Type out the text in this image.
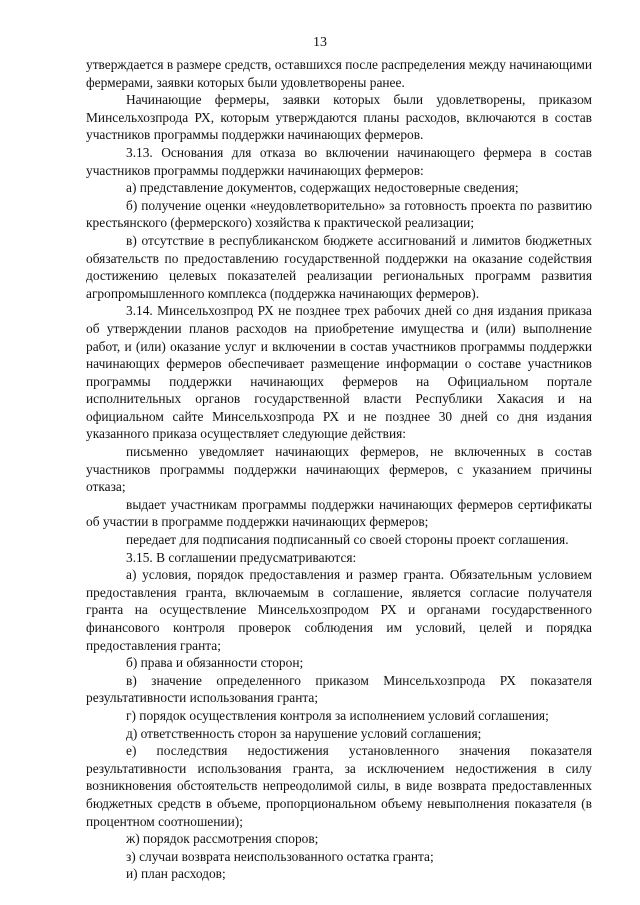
13

утверждается в размере средств, оставшихся после распределения между начинающими фермерами, заявки которых были удовлетворены ранее.

Начинающие фермеры, заявки которых были удовлетворены, приказом Минсельхозпрода РХ, которым утверждаются планы расходов, включаются в состав участников программы поддержки начинающих фермеров.

3.13. Основания для отказа во включении начинающего фермера в состав участников программы поддержки начинающих фермеров:

а) представление документов, содержащих недостоверные сведения;

б) получение оценки «неудовлетворительно» за готовность проекта по развитию крестьянского (фермерского) хозяйства к практической реализации;

в) отсутствие в республиканском бюджете ассигнований и лимитов бюджетных обязательств по предоставлению государственной поддержки на оказание содействия достижению целевых показателей реализации региональных программ развития агропромышленного комплекса (поддержка начинающих фермеров).

3.14. Минсельхозпрод РХ не позднее трех рабочих дней со дня издания приказа об утверждении планов расходов на приобретение имущества и (или) выполнение работ, и (или) оказание услуг и включении в состав участников программы поддержки начинающих фермеров обеспечивает размещение информации о составе участников программы поддержки начинающих фермеров на Официальном портале исполнительных органов государственной власти Республики Хакасия и на официальном сайте Минсельхозпрода РХ и не позднее 30 дней со дня издания указанного приказа осуществляет следующие действия:

письменно уведомляет начинающих фермеров, не включенных в состав участников программы поддержки начинающих фермеров, с указанием причины отказа;

выдает участникам программы поддержки начинающих фермеров сертификаты об участии в программе поддержки начинающих фермеров;

передает для подписания подписанный со своей стороны проект соглашения.

3.15. В соглашении предусматриваются:

а) условия, порядок предоставления и размер гранта. Обязательным условием предоставления гранта, включаемым в соглашение, является согласие получателя гранта на осуществление Минсельхозпродом РХ и органами государственного финансового контроля проверок соблюдения им условий, целей и порядка предоставления гранта;

б) права и обязанности сторон;

в) значение определенного приказом Минсельхозпрода РХ показателя результативности использования гранта;

г) порядок осуществления контроля за исполнением условий соглашения;

д) ответственность сторон за нарушение условий соглашения;

е) последствия недостижения установленного значения показателя результативности использования гранта, за исключением недостижения в силу возникновения обстоятельств непреодолимой силы, в виде возврата предоставленных бюджетных средств в объеме, пропорциональном объему невыполнения показателя (в процентном соотношении);

ж) порядок рассмотрения споров;

з) случаи возврата неиспользованного остатка гранта;

и) план расходов;
